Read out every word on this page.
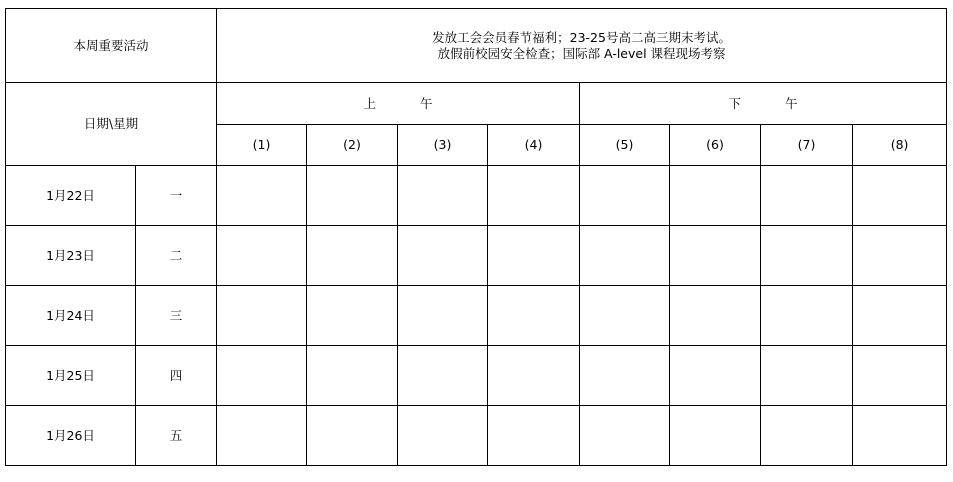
本周重要活动		发放工会会员春节福利；23-25号高二高三期末考试。
放假前校园安全检查；国际部 A-level 课程现场考察							

日期\星期		上 午				下 午			
		(1)	(2)	(3)	(4)	(5)	(6)	(7)	(8)
1月22日	一								
1月23日	二								
1月24日	三								
1月25日	四								
1月26日	五								
